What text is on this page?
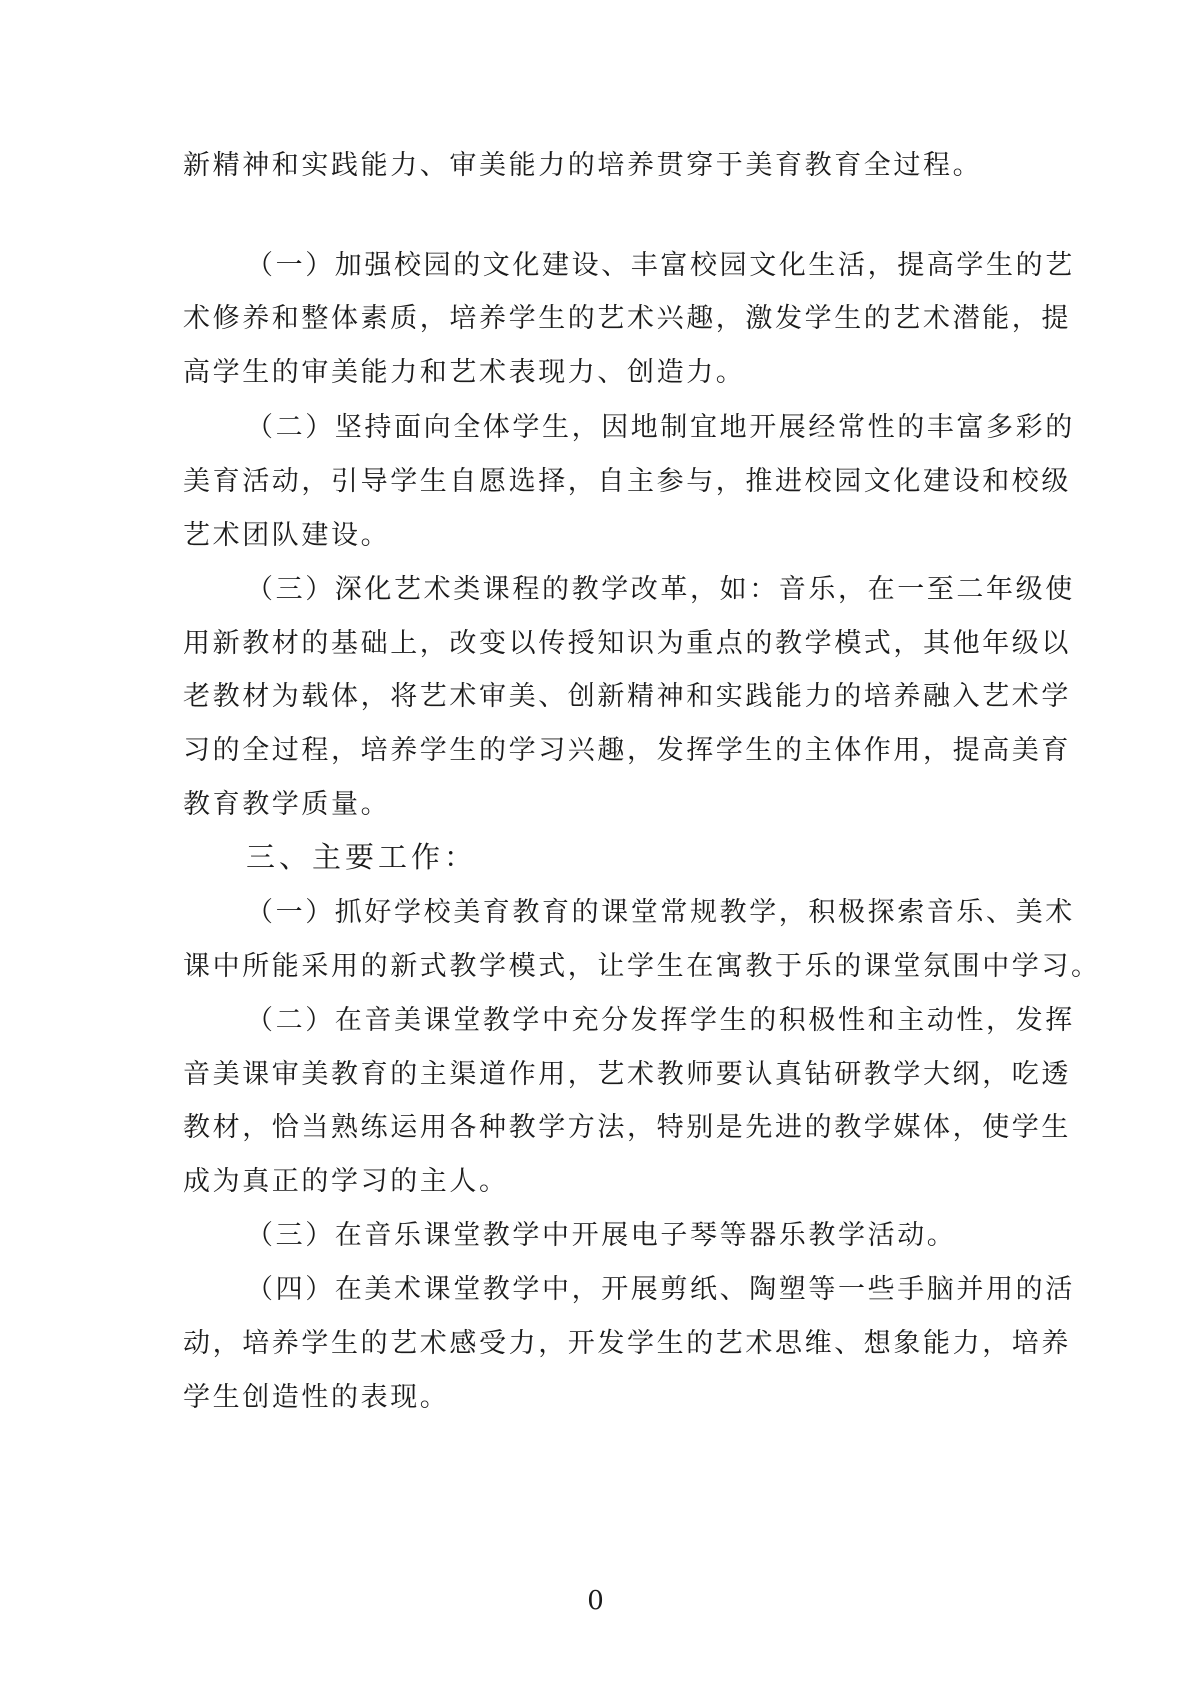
新精神和实践能力、审美能力的培养贯穿于美育教育全过程。
（一）加强校园的文化建设、丰富校园文化生活，提高学生的艺
术修养和整体素质，培养学生的艺术兴趣，激发学生的艺术潜能，提
高学生的审美能力和艺术表现力、创造力。
（二）坚持面向全体学生，因地制宜地开展经常性的丰富多彩的
美育活动，引导学生自愿选择，自主参与，推进校园文化建设和校级
艺术团队建设。
（三）深化艺术类课程的教学改革，如：音乐，在一至二年级使
用新教材的基础上，改变以传授知识为重点的教学模式，其他年级以
老教材为载体，将艺术审美、创新精神和实践能力的培养融入艺术学
习的全过程，培养学生的学习兴趣，发挥学生的主体作用，提高美育
教育教学质量。
三、主要工作：
（一）抓好学校美育教育的课堂常规教学，积极探索音乐、美术
课中所能采用的新式教学模式，让学生在寓教于乐的课堂氛围中学习。
（二）在音美课堂教学中充分发挥学生的积极性和主动性，发挥
音美课审美教育的主渠道作用，艺术教师要认真钻研教学大纲，吃透
教材，恰当熟练运用各种教学方法，特别是先进的教学媒体，使学生
成为真正的学习的主人。
（三）在音乐课堂教学中开展电子琴等器乐教学活动。
（四）在美术课堂教学中，开展剪纸、陶塑等一些手脑并用的活
动，培养学生的艺术感受力，开发学生的艺术思维、想象能力，培养
学生创造性的表现。
0
